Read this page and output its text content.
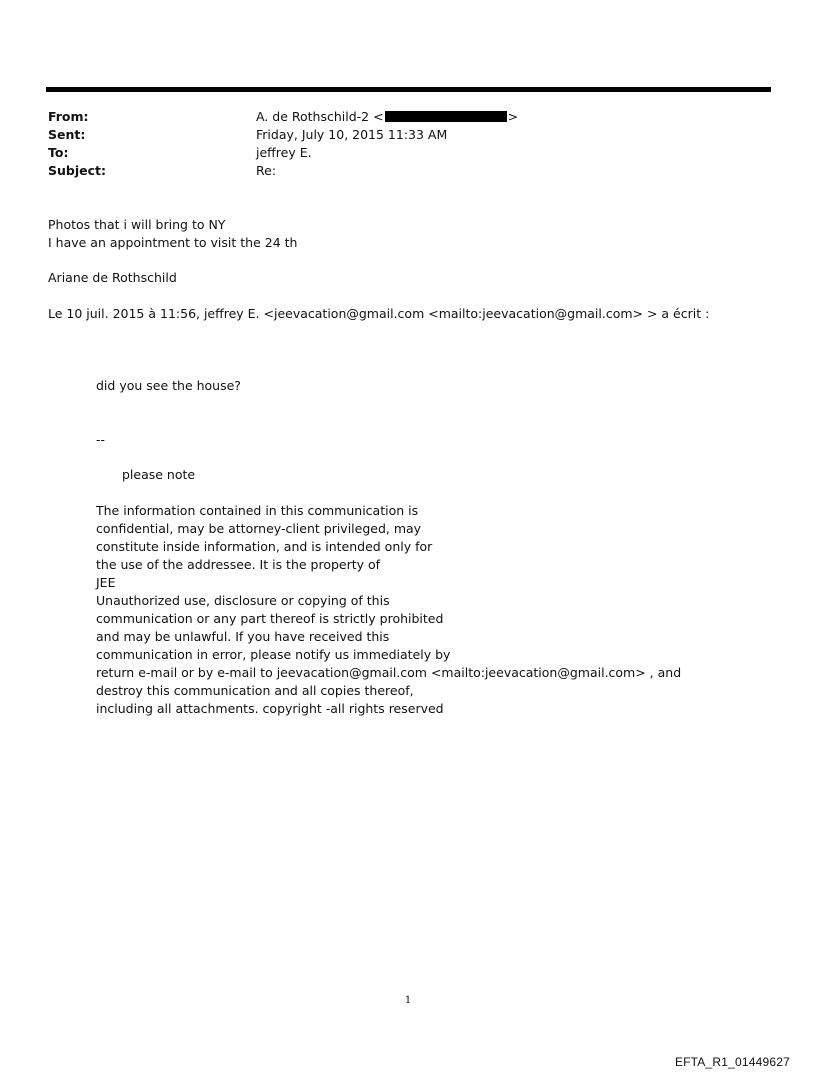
From:	A. de Rothschild-2 <	>
Sent:	Friday, July 10, 2015 11:33 AM
To:	jeffrey E.
Subject:	Re:
Photos that i will bring to NY
I have an appointment to visit the 24 th
Ariane de Rothschild
Le 10 juil. 2015 à 11:56, jeffrey E. <jeevacation@gmail.com <mailto:jeevacation@gmail.com> > a écrit :
did you see the house?
--
please note
The information contained in this communication is
confidential, may be attorney-client privileged, may
constitute inside information, and is intended only for
the use of the addressee. It is the property of
JEE
Unauthorized use, disclosure or copying of this
communication or any part thereof is strictly prohibited
and may be unlawful. If you have received this
communication in error, please notify us immediately by
return e-mail or by e-mail to jeevacation@gmail.com <mailto:jeevacation@gmail.com> , and
destroy this communication and all copies thereof,
including all attachments. copyright -all rights reserved
1
EFTA_R1_01449627
